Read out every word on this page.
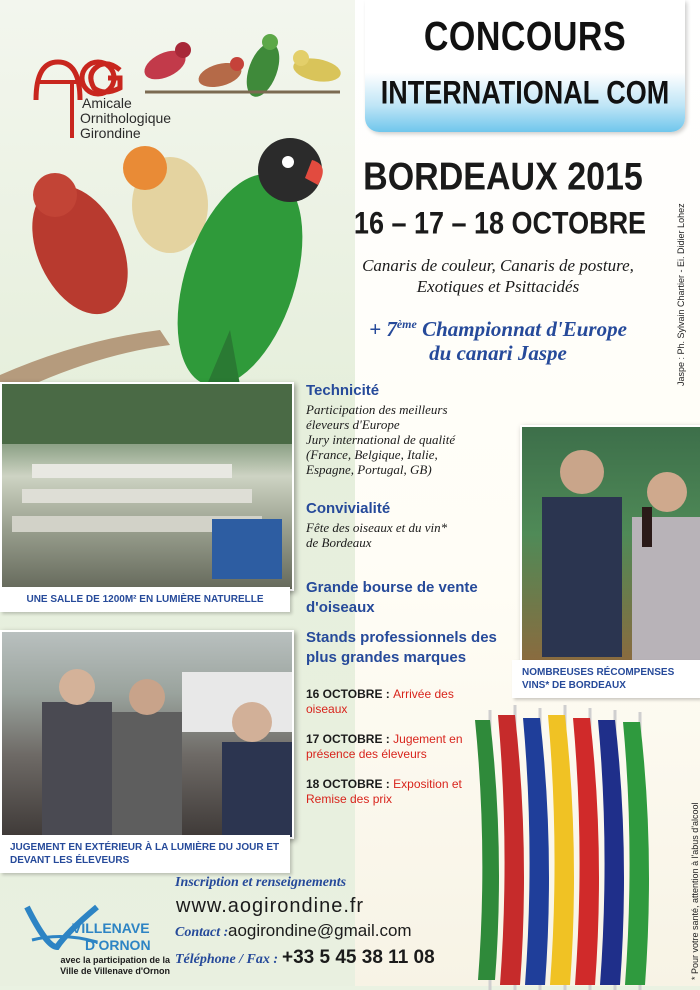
CONCOURS
INTERNATIONAL COM
Amicale
Ornithologique
Girondine
BORDEAUX 2015
16 – 17 – 18 OCTOBRE
Canaris de couleur, Canaris de posture,
Exotiques et Psittacidés
+ 7ème Championnat d'Europe
du canari Jaspe	Jaspe : Ph. Sylvain Chartier - Ei. Didier Lohez
UNE SALLE DE 1200M² EN LUMIÈRE NATURELLE
NOMBREUSES RÉCOMPENSES VINS* DE BORDEAUX
JUGEMENT EN EXTÉRIEUR À LA LUMIÈRE DU JOUR ET DEVANT LES ÉLEVEURS
Technicité
Participation des meilleurs
éleveurs d'Europe
Jury international de qualité
(France, Belgique, Italie,
Espagne, Portugal, GB)
Convivialité
Fête des oiseaux et du vin*
de Bordeaux
Grande bourse de vente d'oiseaux
Stands professionnels des plus grandes marques
16 OCTOBRE : Arrivée des oiseaux
17 OCTOBRE : Jugement en présence des éleveurs
18 OCTOBRE : Exposition et Remise des prix
* Pour votre santé, attention à l'abus d'alcool
VILLENAVE
D'ORNON
avec la participation de la
Ville de Villenave d'Ornon
Inscription et renseignements
www.aogirondine.fr
Contact : aogirondine@gmail.com
Téléphone / Fax : +33 5 45 38 11 08
